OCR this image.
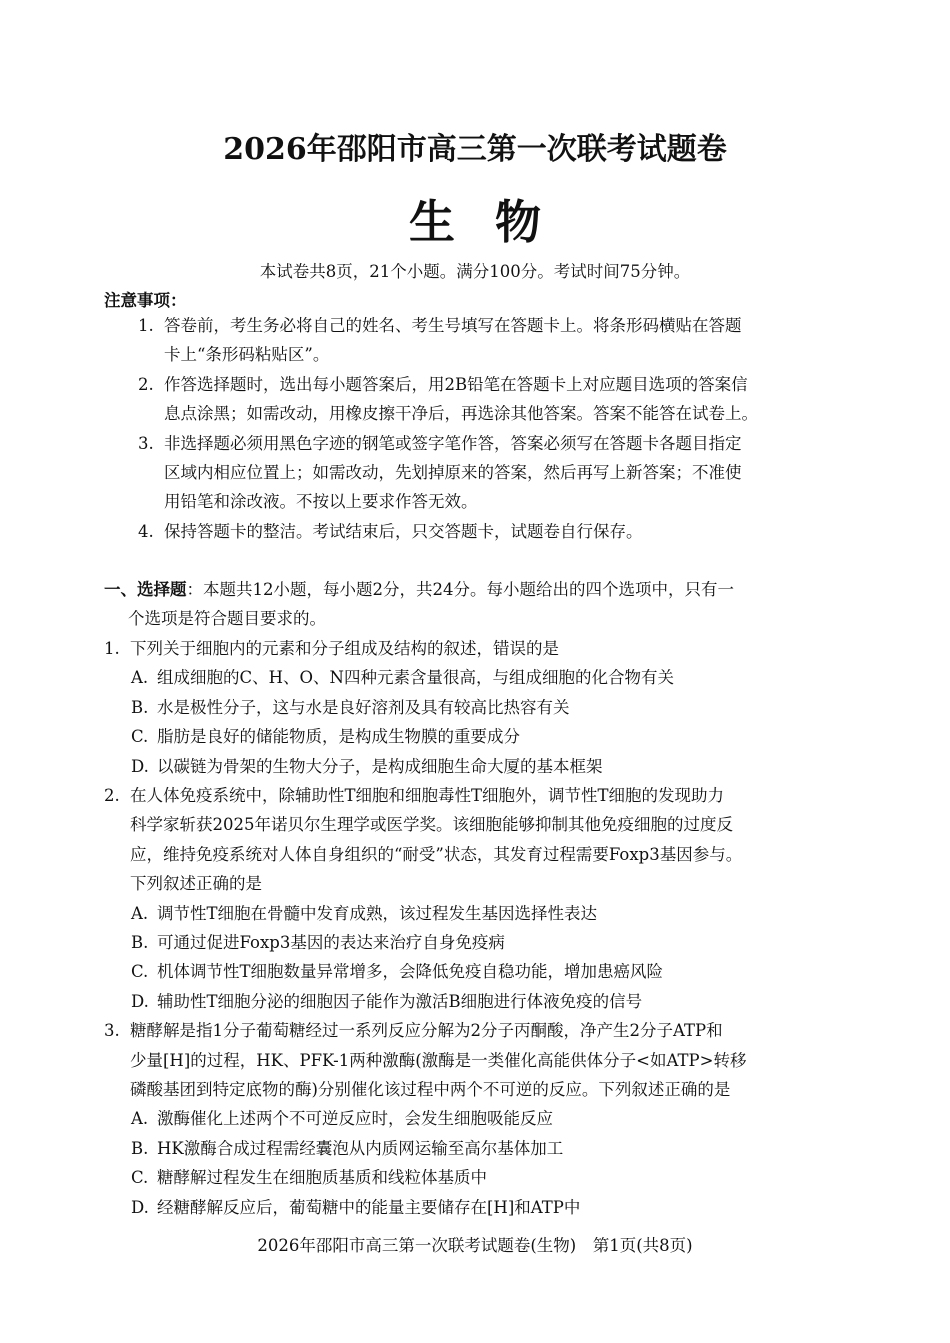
2026年邵阳市高三第一次联考试题卷
生物
本试卷共8页，21个小题。满分100分。考试时间75分钟。
注意事项：
1. 答卷前，考生务必将自己的姓名、考生号填写在答题卡上。将条形码横贴在答题
卡上“条形码粘贴区”。
2. 作答选择题时，选出每小题答案后，用2B铅笔在答题卡上对应题目选项的答案信
息点涂黑；如需改动，用橡皮擦干净后，再选涂其他答案。答案不能答在试卷上。
3. 非选择题必须用黑色字迹的钢笔或签字笔作答，答案必须写在答题卡各题目指定
区域内相应位置上；如需改动，先划掉原来的答案，然后再写上新答案；不准使
用铅笔和涂改液。不按以上要求作答无效。
4. 保持答题卡的整洁。考试结束后，只交答题卡，试题卷自行保存。
一、选择题：本题共12小题，每小题2分，共24分。每小题给出的四个选项中，只有一
个选项是符合题目要求的。
1. 下列关于细胞内的元素和分子组成及结构的叙述，错误的是
A. 组成细胞的C、H、O、N四种元素含量很高，与组成细胞的化合物有关
B. 水是极性分子，这与水是良好溶剂及具有较高比热容有关
C. 脂肪是良好的储能物质，是构成生物膜的重要成分
D. 以碳链为骨架的生物大分子，是构成细胞生命大厦的基本框架
2. 在人体免疫系统中，除辅助性T细胞和细胞毒性T细胞外，调节性T细胞的发现助力
科学家斩获2025年诺贝尔生理学或医学奖。该细胞能够抑制其他免疫细胞的过度反
应，维持免疫系统对人体自身组织的“耐受”状态，其发育过程需要Foxp3基因参与。
下列叙述正确的是
A. 调节性T细胞在骨髓中发育成熟，该过程发生基因选择性表达
B. 可通过促进Foxp3基因的表达来治疗自身免疫病
C. 机体调节性T细胞数量异常增多，会降低免疫自稳功能，增加患癌风险
D. 辅助性T细胞分泌的细胞因子能作为激活B细胞进行体液免疫的信号
3. 糖酵解是指1分子葡萄糖经过一系列反应分解为2分子丙酮酸，净产生2分子ATP和
少量[H]的过程，HK、PFK-1两种激酶(激酶是一类催化高能供体分子<如ATP>转移
磷酸基团到特定底物的酶)分别催化该过程中两个不可逆的反应。下列叙述正确的是
A. 激酶催化上述两个不可逆反应时，会发生细胞吸能反应
B. HK激酶合成过程需经囊泡从内质网运输至高尔基体加工
C. 糖酵解过程发生在细胞质基质和线粒体基质中
D. 经糖酵解反应后，葡萄糖中的能量主要储存在[H]和ATP中
2026年邵阳市高三第一次联考试题卷(生物)　第1页(共8页)
